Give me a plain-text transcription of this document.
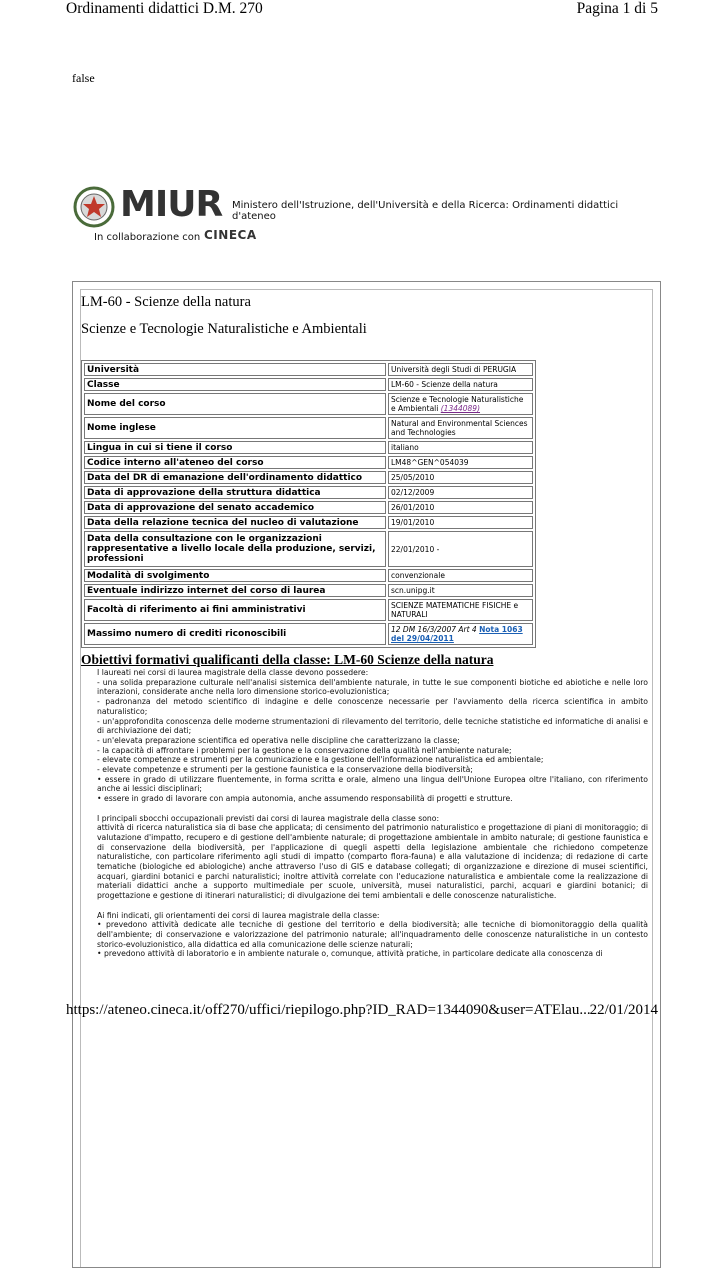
Ordinamenti didattici D.M. 270	Pagina 1 di 5
false
MIUR Ministero dell'Istruzione, dell'Università e della Ricerca: Ordinamenti didattici d'ateneo
In collaborazione con CINECA
LM-60 - Scienze della natura
Scienze e Tecnologie Naturalistiche e Ambientali
Università	Università degli Studi di PERUGIA
Classe	LM-60 - Scienze della natura
Nome del corso	Scienze e Tecnologie Naturalistiche e Ambientali (1344089)
Nome inglese	Natural and Environmental Sciences and Technologies
Lingua in cui si tiene il corso	italiano
Codice interno all'ateneo del corso	LM48^GEN^054039
Data del DR di emanazione dell'ordinamento didattico	25/05/2010
Data di approvazione della struttura didattica	02/12/2009
Data di approvazione del senato accademico	26/01/2010
Data della relazione tecnica del nucleo di valutazione	19/01/2010
Data della consultazione con le organizzazioni rappresentative a livello locale della produzione, servizi, professioni	22/01/2010 -
Modalità di svolgimento	convenzionale
Eventuale indirizzo internet del corso di laurea	scn.unipg.it
Facoltà di riferimento ai fini amministrativi	SCIENZE MATEMATICHE FISICHE e NATURALI
Massimo numero di crediti riconoscibili	12 DM 16/3/2007 Art 4 Nota 1063 del 29/04/2011
Obiettivi formativi qualificanti della classe: LM-60 Scienze della natura

I laureati nei corsi di laurea magistrale della classe devono possedere:

- una solida preparazione culturale nell'analisi sistemica dell'ambiente naturale, in tutte le sue componenti biotiche ed abiotiche e nelle loro interazioni, considerate anche nella loro dimensione storico-evoluzionistica;

- padronanza del metodo scientifico di indagine e delle conoscenze necessarie per l'avviamento della ricerca scientifica in ambito naturalistico;

- un'approfondita conoscenza delle moderne strumentazioni di rilevamento del territorio, delle tecniche statistiche ed informatiche di analisi e di archiviazione dei dati;

- un'elevata preparazione scientifica ed operativa nelle discipline che caratterizzano la classe;

- la capacità di affrontare i problemi per la gestione e la conservazione della qualità nell'ambiente naturale;

- elevate competenze e strumenti per la comunicazione e la gestione dell'informazione naturalistica ed ambientale;

- elevate competenze e strumenti per la gestione faunistica e la conservazione della biodiversità;

• essere in grado di utilizzare fluentemente, in forma scritta e orale, almeno una lingua dell'Unione Europea oltre l'italiano, con riferimento anche ai lessici disciplinari;

• essere in grado di lavorare con ampia autonomia, anche assumendo responsabilità di progetti e strutture.

I principali sbocchi occupazionali previsti dai corsi di laurea magistrale della classe sono:

attività di ricerca naturalistica sia di base che applicata; di censimento del patrimonio naturalistico e progettazione di piani di monitoraggio; di valutazione d'impatto, recupero e di gestione dell'ambiente naturale; di progettazione ambientale in ambito naturale; di gestione faunistica e di conservazione della biodiversità, per l'applicazione di quegli aspetti della legislazione ambientale che richiedono competenze naturalistiche, con particolare riferimento agli studi di impatto (comparto flora-fauna) e alla valutazione di incidenza; di redazione di carte tematiche (biologiche ed abiologiche) anche attraverso l'uso di GIS e database collegati; di organizzazione e direzione di musei scientifici, acquari, giardini botanici e parchi naturalistici; inoltre attività correlate con l'educazione naturalistica e ambientale come la realizzazione di materiali didattici anche a supporto multimediale per scuole, università, musei naturalistici, parchi, acquari e giardini botanici; di progettazione e gestione di itinerari naturalistici; di divulgazione dei temi ambientali e delle conoscenze naturalistiche.

Ai fini indicati, gli orientamenti dei corsi di laurea magistrale della classe:

• prevedono attività dedicate alle tecniche di gestione del territorio e della biodiversità; alle tecniche di biomonitoraggio della qualità dell'ambiente; di conservazione e valorizzazione del patrimonio naturale; all'inquadramento delle conoscenze naturalistiche in un contesto storico-evoluzionistico, alla didattica ed alla comunicazione delle scienze naturali;

• prevedono attività di laboratorio e in ambiente naturale o, comunque, attività pratiche, in particolare dedicate alla conoscenza di

https://ateneo.cineca.it/off270/uffici/riepilogo.php?ID_RAD=1344090&user=ATElau... 22/01/2014
